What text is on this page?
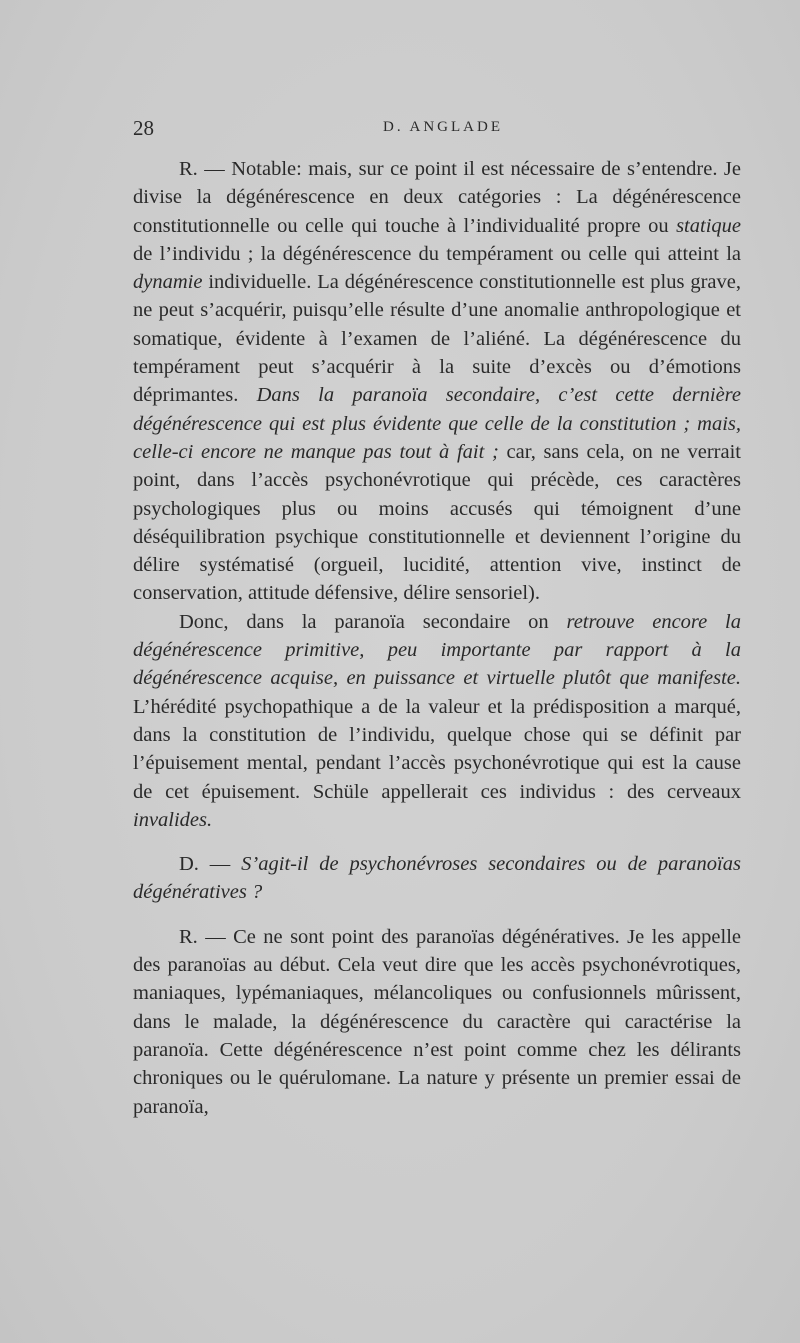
28	D. ANGLADE

R. — Notable: mais, sur ce point il est nécessaire de s’entendre. Je divise la dégénérescence en deux catégories : La dégénérescence constitutionnelle ou celle qui touche à l’individualité propre ou statique de l’individu ; la dégénérescence du tempérament ou celle qui atteint la dynamie individuelle. La dégénérescence constitutionnelle est plus grave, ne peut s’acquérir, puisqu’elle résulte d’une anomalie anthropologique et somatique, évidente à l’examen de l’aliéné. La dégénérescence du tempérament peut s’acquérir à la suite d’excès ou d’émotions déprimantes. Dans la paranoïa secondaire, c’est cette dernière dégénérescence qui est plus évidente que celle de la constitution ; mais, celle-ci encore ne manque pas tout à fait ; car, sans cela, on ne verrait point, dans l’accès psychonévrotique qui précède, ces caractères psychologiques plus ou moins accusés qui témoignent d’une déséquilibration psychique constitutionnelle et deviennent l’origine du délire systématisé (orgueil, lucidité, attention vive, instinct de conservation, attitude défensive, délire sensoriel).

Donc, dans la paranoïa secondaire on retrouve encore la dégénérescence primitive, peu importante par rapport à la dégénérescence acquise, en puissance et virtuelle plutôt que manifeste. L’hérédité psychopathique a de la valeur et la prédisposition a marqué, dans la constitution de l’individu, quelque chose qui se définit par l’épuisement mental, pendant l’accès psychonévrotique qui est la cause de cet épuisement. Schüle appellerait ces individus : des cerveaux invalides.

D. — S’agit-il de psychonévroses secondaires ou de paranoïas dégénératives ?

R. — Ce ne sont point des paranoïas dégénératives. Je les appelle des paranoïas au début. Cela veut dire que les accès psychonévrotiques, maniaques, lypémaniaques, mélancoliques ou confusionnels mûrissent, dans le malade, la dégénérescence du caractère qui caractérise la paranoïa. Cette dégénérescence n’est point comme chez les délirants chroniques ou le quérulomane. La nature y présente un premier essai de paranoïa,
